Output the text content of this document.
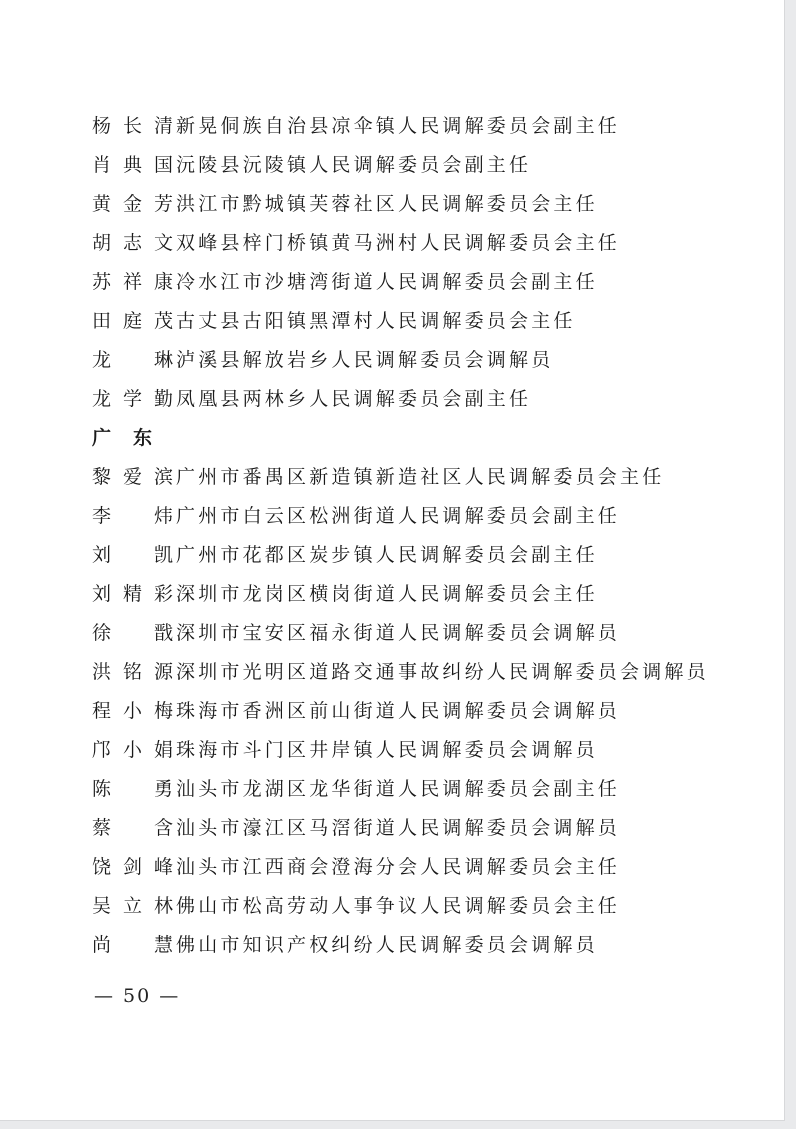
杨长清 新晃侗族自治县凉伞镇人民调解委员会副主任
肖典国 沅陵县沅陵镇人民调解委员会副主任
黄金芳 洪江市黔城镇芙蓉社区人民调解委员会主任
胡志文 双峰县梓门桥镇黄马洲村人民调解委员会主任
苏祥康 冷水江市沙塘湾街道人民调解委员会副主任
田庭茂 古丈县古阳镇黑潭村人民调解委员会主任
龙 琳 泸溪县解放岩乡人民调解委员会调解员
龙学勤 凤凰县两林乡人民调解委员会副主任
广东
黎爱滨 广州市番禺区新造镇新造社区人民调解委员会主任
李 炜 广州市白云区松洲街道人民调解委员会副主任
刘 凯 广州市花都区炭步镇人民调解委员会副主任
刘精彩 深圳市龙岗区横岗街道人民调解委员会主任
徐 戬 深圳市宝安区福永街道人民调解委员会调解员
洪铭源 深圳市光明区道路交通事故纠纷人民调解委员会调解员
程小梅 珠海市香洲区前山街道人民调解委员会调解员
邝小娟 珠海市斗门区井岸镇人民调解委员会调解员
陈 勇 汕头市龙湖区龙华街道人民调解委员会副主任
蔡 含 汕头市濠江区马滘街道人民调解委员会调解员
饶剑峰 汕头市江西商会澄海分会人民调解委员会主任
吴立林 佛山市松高劳动人事争议人民调解委员会主任
尚 慧 佛山市知识产权纠纷人民调解委员会调解员
— 50 —
